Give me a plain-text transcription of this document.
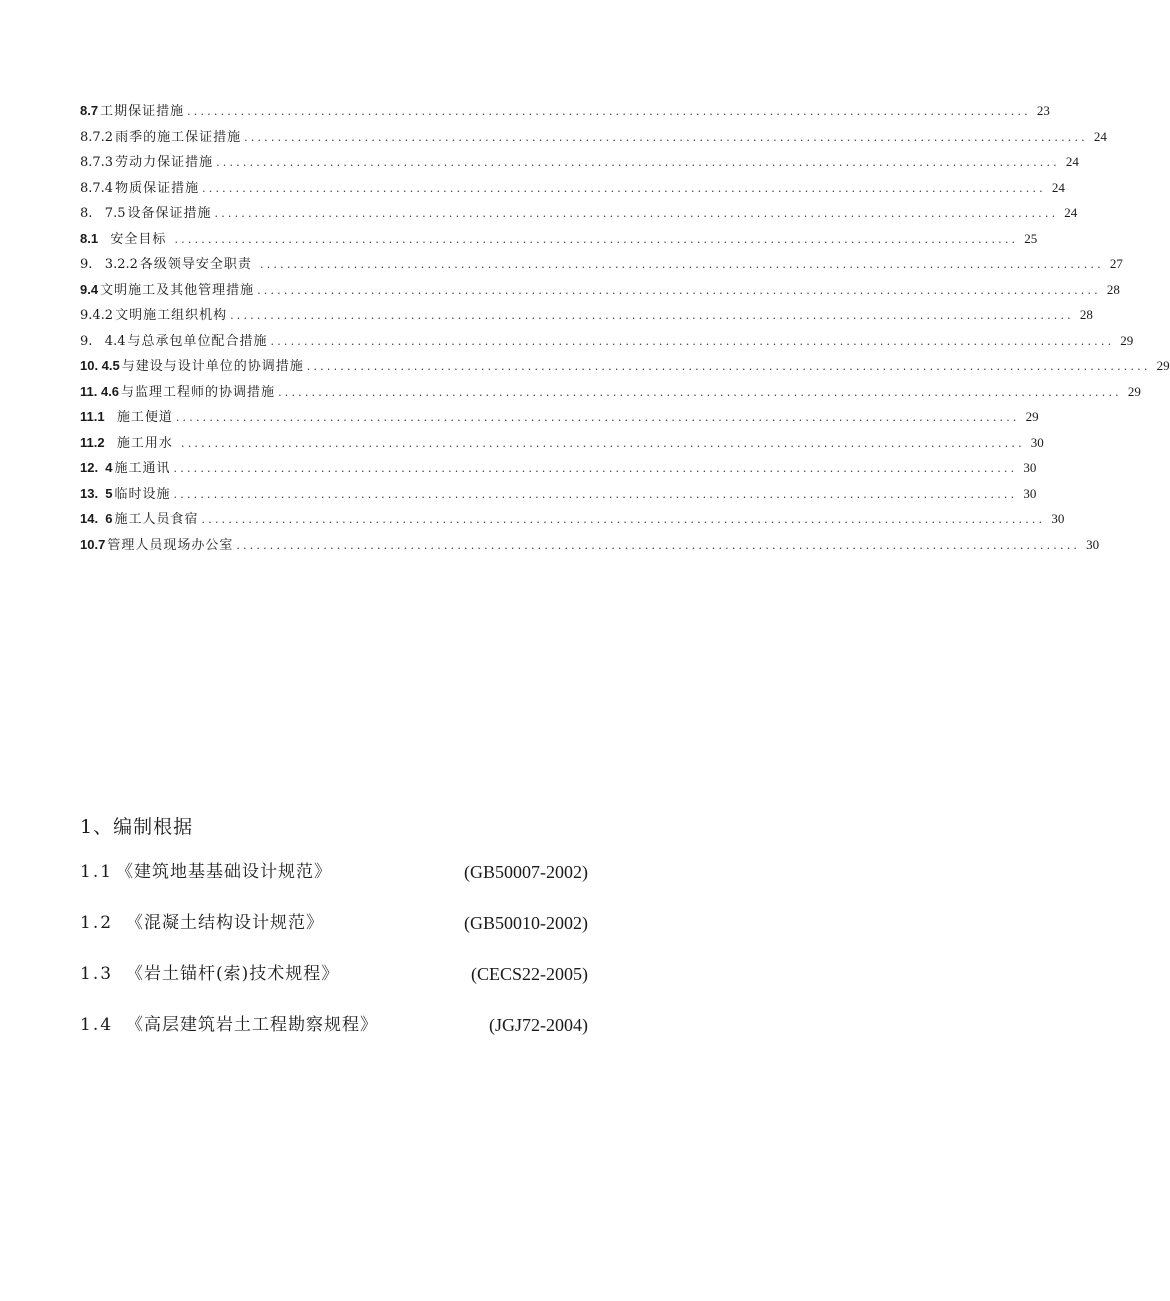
8.7 工期保证措施 .............................................................................................................................. 23
8.7.2 雨季的施工保证措施 .............................................................................................................................. 24
8.7.3 劳动力保证措施 .............................................................................................................................. 24
8.7.4 物质保证措施 .............................................................................................................................. 24
8.   7.5 设备保证措施 .............................................................................................................................. 24
8.1 安全目标 .............................................................................................................................. 25
9.   3.2.2 各级领导安全职责 .............................................................................................................................. 27
9.4 文明施工及其他管理措施 .............................................................................................................................. 28
9.4.2 文明施工组织机构 .............................................................................................................................. 28
9.   4.4 与总承包单位配合措施 .............................................................................................................................. 29
10. 4.5 与建设与设计单位的协调措施 .............................................................................................................................. 29
11. 4.6 与监理工程师的协调措施 .............................................................................................................................. 29
11.1 施工便道 .............................................................................................................................. 29
11.2 施工用水 .............................................................................................................................. 30
12.  4 施工通讯 .............................................................................................................................. 30
13.  5 临时设施 .............................................................................................................................. 30
14.  6 施工人员食宿 .............................................................................................................................. 30
10.7 管理人员现场办公室 .............................................................................................................................. 30
1、编制根据
1.1 《建筑地基基础设计规范》	(GB50007-2002)
1.2 《混凝土结构设计规范》	(GB50010-2002)
1.3 《岩土锚杆(索)技术规程》	(CECS22-2005)
1.4 《高层建筑岩土工程勘察规程》	(JGJ72-2004)
